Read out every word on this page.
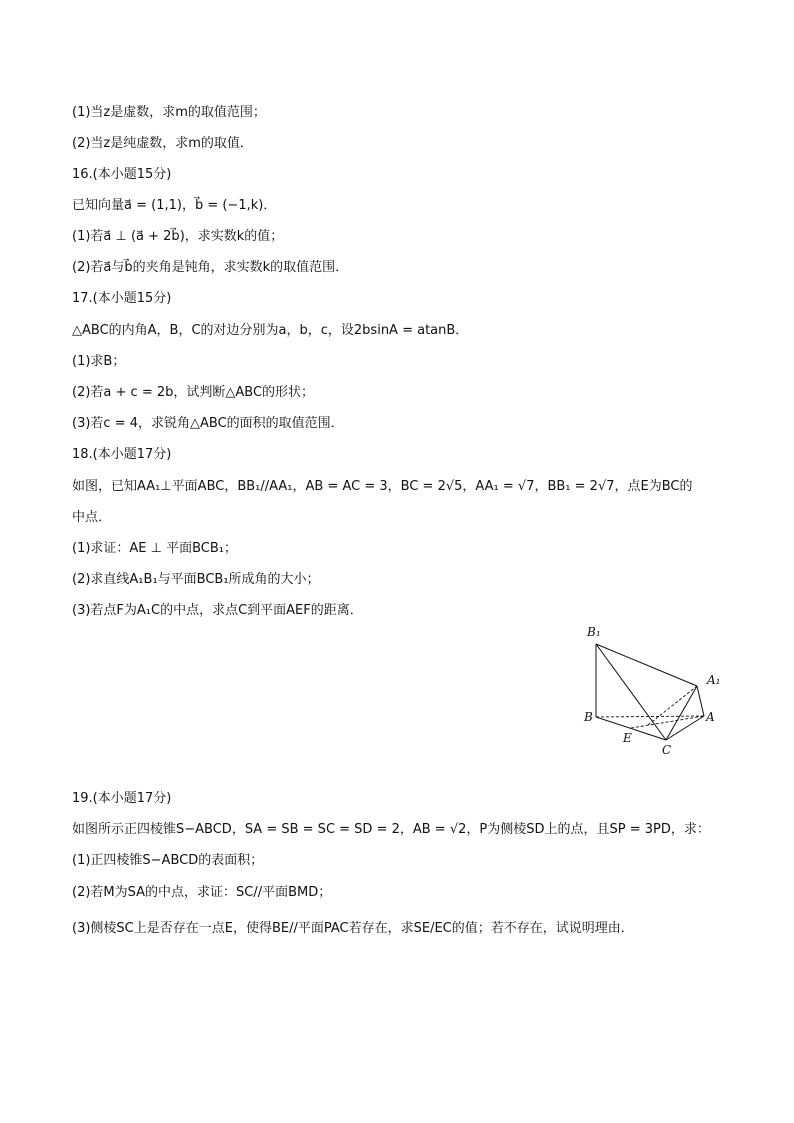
(1)当z是虚数，求m的取值范围；
(2)当z是纯虚数，求m的取值．
16.(本小题15分)
已知向量a⃗ = (1,1)，b⃗ = (−1,k)．
(1)若a⃗ ⊥ (a⃗ + 2b⃗)，求实数k的值；
(2)若a⃗与b⃗的夹角是钝角，求实数k的取值范围．
17.(本小题15分)
△ABC的内角A，B，C的对边分别为a，b，c，设2bsinA = atanB．
(1)求B；
(2)若a + c = 2b，试判断△ABC的形状；
(3)若c = 4，求锐角△ABC的面积的取值范围．
18.(本小题17分)
如图，已知AA₁⊥平面ABC，BB₁//AA₁，AB = AC = 3，BC = 2√5，AA₁ = √7，BB₁ = 2√7，点E为BC的
中点．
(1)求证：AE ⊥ 平面BCB₁；
(2)求直线A₁B₁与平面BCB₁所成角的大小；
(3)若点F为A₁C的中点，求点C到平面AEF的距离．
B₁
A₁
B	A
E
C
19.(本小题17分)
如图所示正四棱锥S−ABCD，SA = SB = SC = SD = 2，AB = √2，P为侧棱SD上的点，且SP = 3PD，求：
(1)正四棱锥S−ABCD的表面积；
(2)若M为SA的中点，求证：SC//平面BMD；
(3)侧棱SC上是否存在一点E，使得BE//平面PAC若存在，求SE/EC的值；若不存在，试说明理由．
